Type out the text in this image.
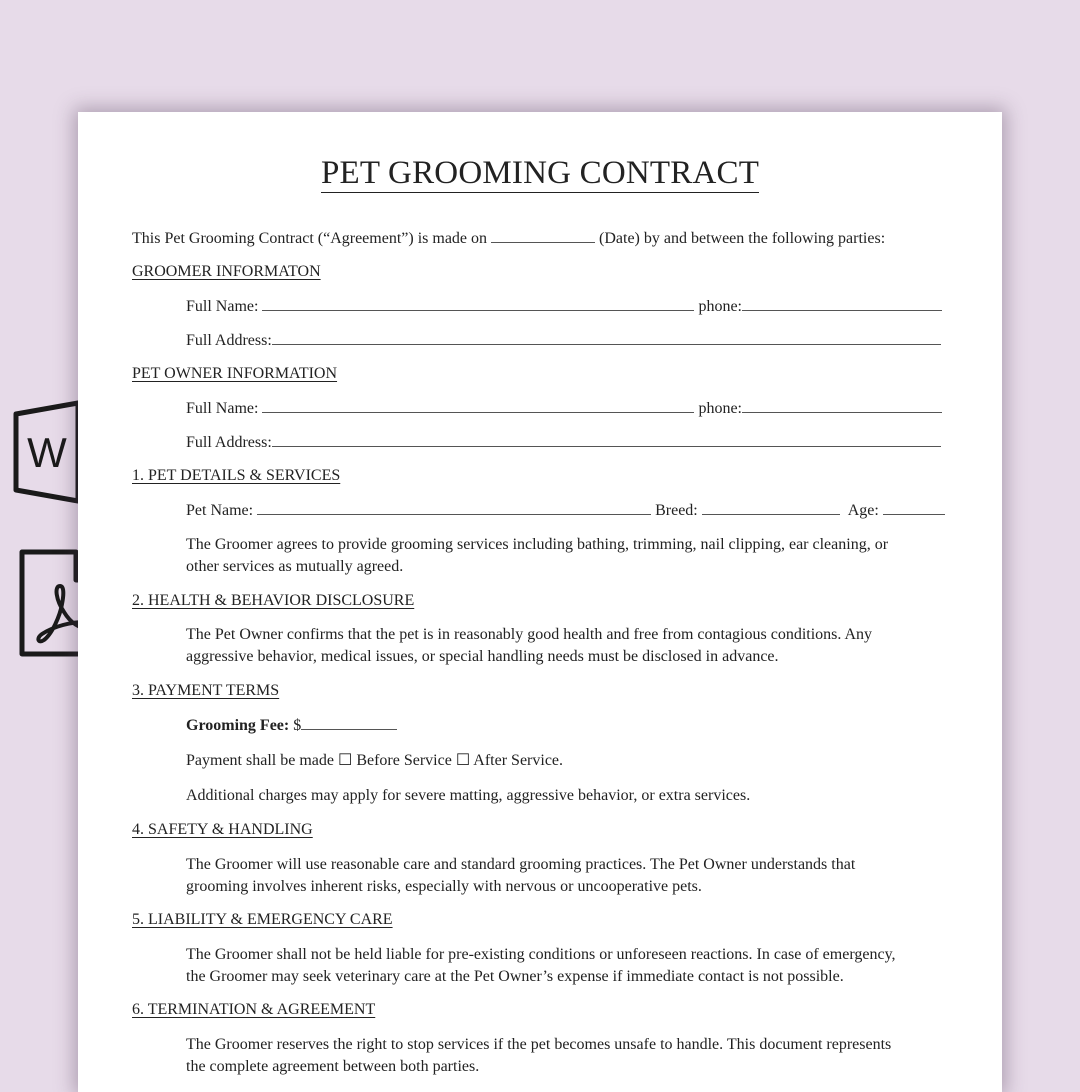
W
PET GROOMING CONTRACT
This Pet Grooming Contract (“Agreement”) is made on	(Date) by and between the following parties:
GROOMER INFORMATON
Full Name:	phone:
Full Address:
PET OWNER INFORMATION
Full Name:	phone:
Full Address:
1. PET DETAILS & SERVICES
Pet Name:	Breed:	Age:
The Groomer agrees to provide grooming services including bathing, trimming, nail clipping, ear cleaning, or
other services as mutually agreed.
2. HEALTH & BEHAVIOR DISCLOSURE
The Pet Owner confirms that the pet is in reasonably good health and free from contagious conditions. Any
aggressive behavior, medical issues, or special handling needs must be disclosed in advance.
3. PAYMENT TERMS
Grooming Fee: $
Payment shall be made ☐ Before Service ☐ After Service.
Additional charges may apply for severe matting, aggressive behavior, or extra services.
4. SAFETY & HANDLING
The Groomer will use reasonable care and standard grooming practices. The Pet Owner understands that
grooming involves inherent risks, especially with nervous or uncooperative pets.
5. LIABILITY & EMERGENCY CARE
The Groomer shall not be held liable for pre-existing conditions or unforeseen reactions. In case of emergency,
the Groomer may seek veterinary care at the Pet Owner’s expense if immediate contact is not possible.
6. TERMINATION & AGREEMENT
The Groomer reserves the right to stop services if the pet becomes unsafe to handle. This document represents
the complete agreement between both parties.
